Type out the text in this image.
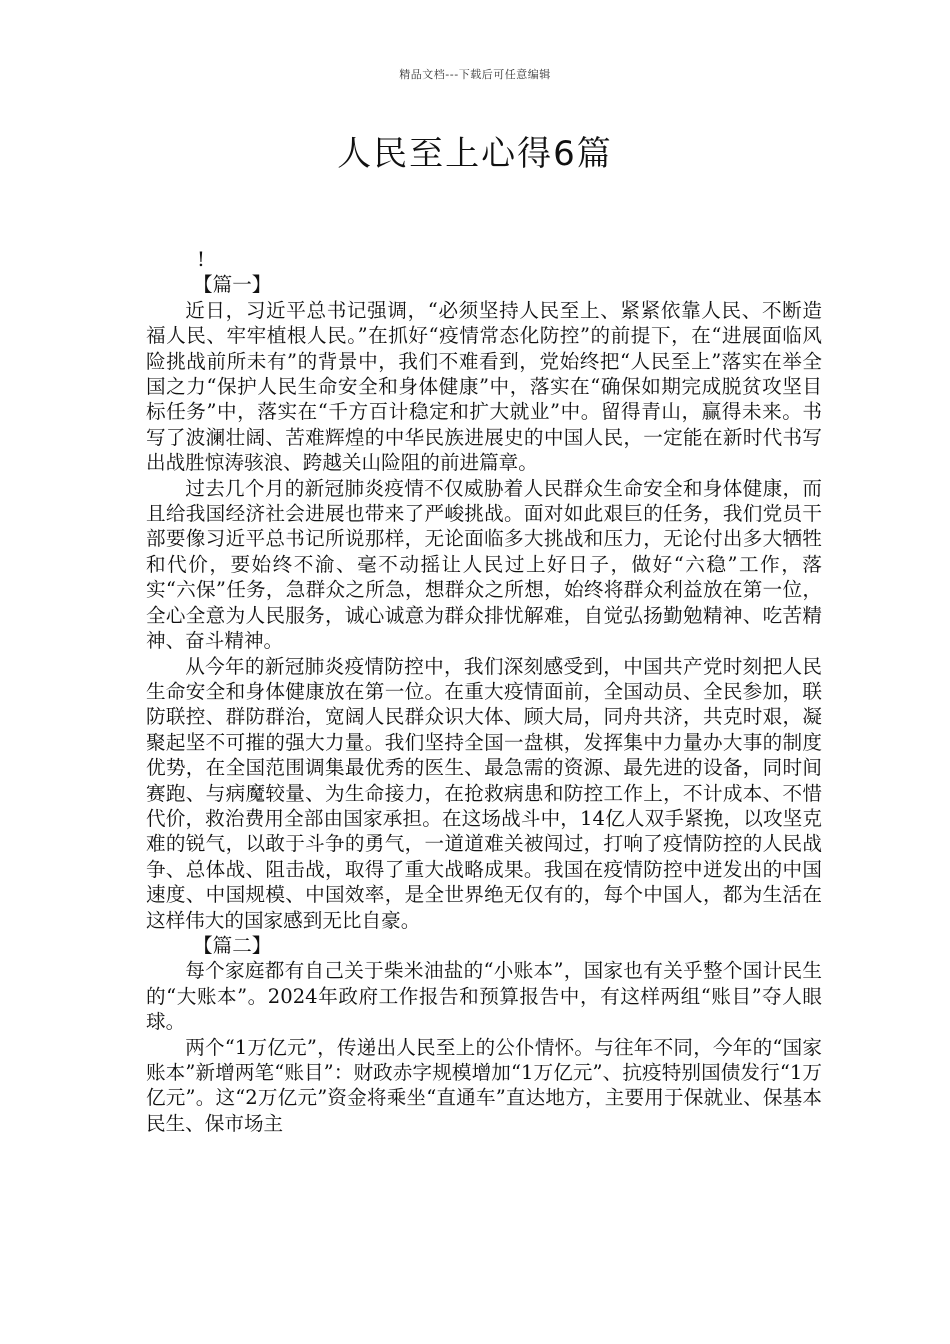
精品文档---下载后可任意编辑
人民至上心得6篇

!

【篇一】

近日，习近平总书记强调，“必须坚持人民至上、紧紧依靠人民、不断造福人民、牢牢植根人民。”在抓好“疫情常态化防控”的前提下，在“进展面临风险挑战前所未有”的背景中，我们不难看到，党始终把“人民至上”落实在举全国之力“保护人民生命安全和身体健康”中，落实在“确保如期完成脱贫攻坚目标任务”中，落实在“千方百计稳定和扩大就业”中。留得青山，赢得未来。书写了波澜壮阔、苦难辉煌的中华民族进展史的中国人民，一定能在新时代书写出战胜惊涛骇浪、跨越关山险阻的前进篇章。

过去几个月的新冠肺炎疫情不仅威胁着人民群众生命安全和身体健康，而且给我国经济社会进展也带来了严峻挑战。面对如此艰巨的任务，我们党员干部要像习近平总书记所说那样，无论面临多大挑战和压力，无论付出多大牺牲和代价，要始终不渝、毫不动摇让人民过上好日子，做好“六稳”工作，落实“六保”任务，急群众之所急，想群众之所想，始终将群众利益放在第一位，全心全意为人民服务，诚心诚意为群众排忧解难，自觉弘扬勤勉精神、吃苦精神、奋斗精神。

从今年的新冠肺炎疫情防控中，我们深刻感受到，中国共产党时刻把人民生命安全和身体健康放在第一位。在重大疫情面前，全国动员、全民参加，联防联控、群防群治，宽阔人民群众识大体、顾大局，同舟共济，共克时艰，凝聚起坚不可摧的强大力量。我们坚持全国一盘棋，发挥集中力量办大事的制度优势，在全国范围调集最优秀的医生、最急需的资源、最先进的设备，同时间赛跑、与病魔较量、为生命接力，在抢救病患和防控工作上，不计成本、不惜代价，救治费用全部由国家承担。在这场战斗中，14亿人双手紧挽，以攻坚克难的锐气，以敢于斗争的勇气，一道道难关被闯过，打响了疫情防控的人民战争、总体战、阻击战，取得了重大战略成果。我国在疫情防控中迸发出的中国速度、中国规模、中国效率，是全世界绝无仅有的，每个中国人，都为生活在这样伟大的国家感到无比自豪。

【篇二】

每个家庭都有自己关于柴米油盐的“小账本”，国家也有关乎整个国计民生的“大账本”。2024年政府工作报告和预算报告中，有这样两组“账目”夺人眼球。

两个“1万亿元”，传递出人民至上的公仆情怀。与往年不同，今年的“国家账本”新增两笔“账目”：财政赤字规模增加“1万亿元”、抗疫特别国债发行“1万亿元”。这“2万亿元”资金将乘坐“直通车”直达地方，主要用于保就业、保基本民生、保市场主
